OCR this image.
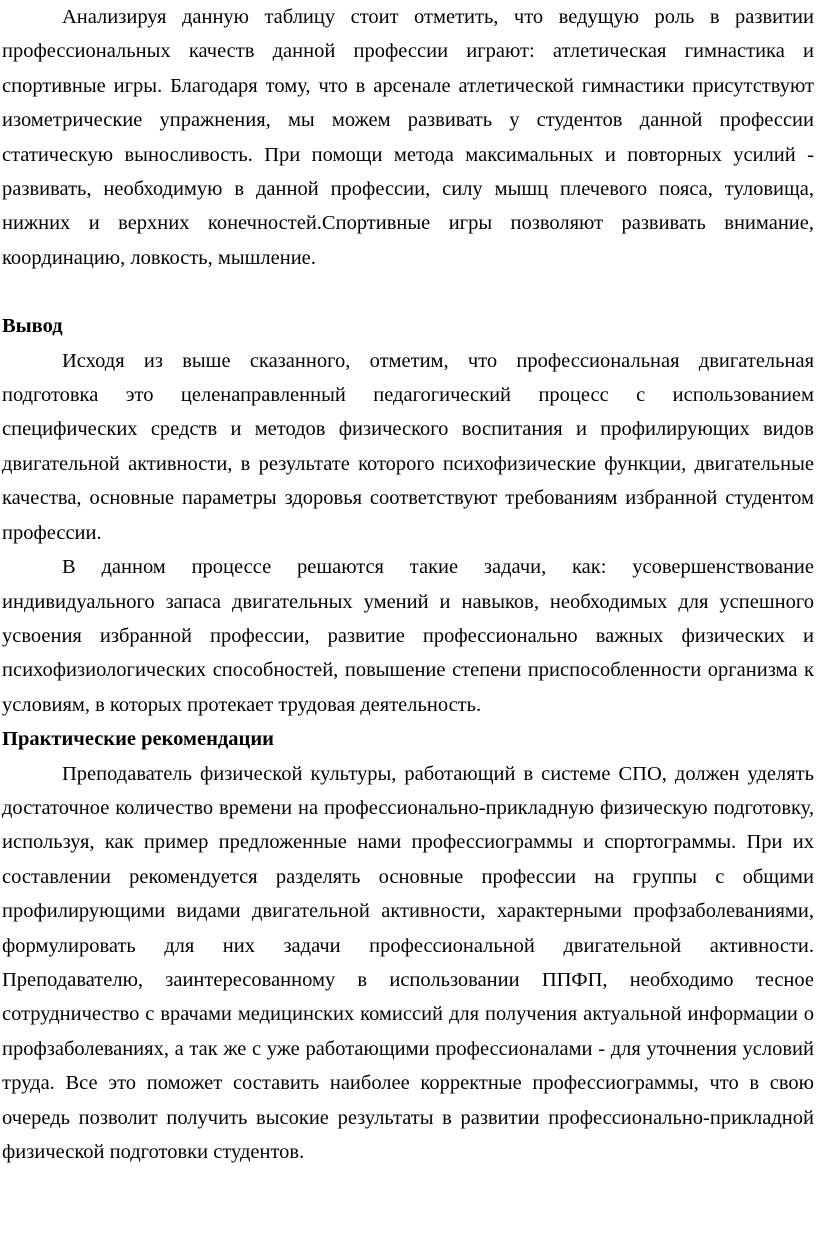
Анализируя данную таблицу стоит отметить, что ведущую роль в развитии профессиональных качеств данной профессии играют: атлетическая гимнастика и спортивные игры. Благодаря тому, что в арсенале атлетической гимнастики присутствуют изометрические упражнения, мы можем развивать у студентов данной профессии статическую выносливость. При помощи метода максимальных и повторных усилий - развивать, необходимую в данной профессии, силу мышц плечевого пояса, туловища, нижних и верхних конечностей.Спортивные игры позволяют развивать внимание, координацию, ловкость, мышление.

Вывод

Исходя из выше сказанного, отметим, что профессиональная двигательная подготовка это целенаправленный педагогический процесс с использованием специфических средств и методов физического воспитания и профилирующих видов двигательной активности, в результате которого психофизические функции, двигательные качества, основные параметры здоровья соответствуют требованиям избранной студентом профессии.

В данном процессе решаются такие задачи, как: усовершенствование индивидуального запаса двигательных умений и навыков, необходимых для успешного усвоения избранной профессии, развитие профессионально важных физических и психофизиологических способностей, повышение степени приспособленности организма к условиям, в которых протекает трудовая деятельность.

Практические рекомендации

Преподаватель физической культуры, работающий в системе СПО, должен уделять достаточное количество времени на профессионально-прикладную физическую подготовку, используя, как пример предложенные нами профессиограммы и спортограммы. При их составлении рекомендуется разделять основные профессии на группы с общими профилирующими видами двигательной активности, характерными профзаболеваниями, формулировать для них задачи профессиональной двигательной активности. Преподавателю, заинтересованному в использовании ППФП, необходимо тесное сотрудничество с врачами медицинских комиссий для получения актуальной информации о профзаболеваниях, а так же с уже работающими профессионалами - для уточнения условий труда. Все это поможет составить наиболее корректные профессиограммы, что в свою очередь позволит получить высокие результаты в развитии профессионально-прикладной физической подготовки студентов.
